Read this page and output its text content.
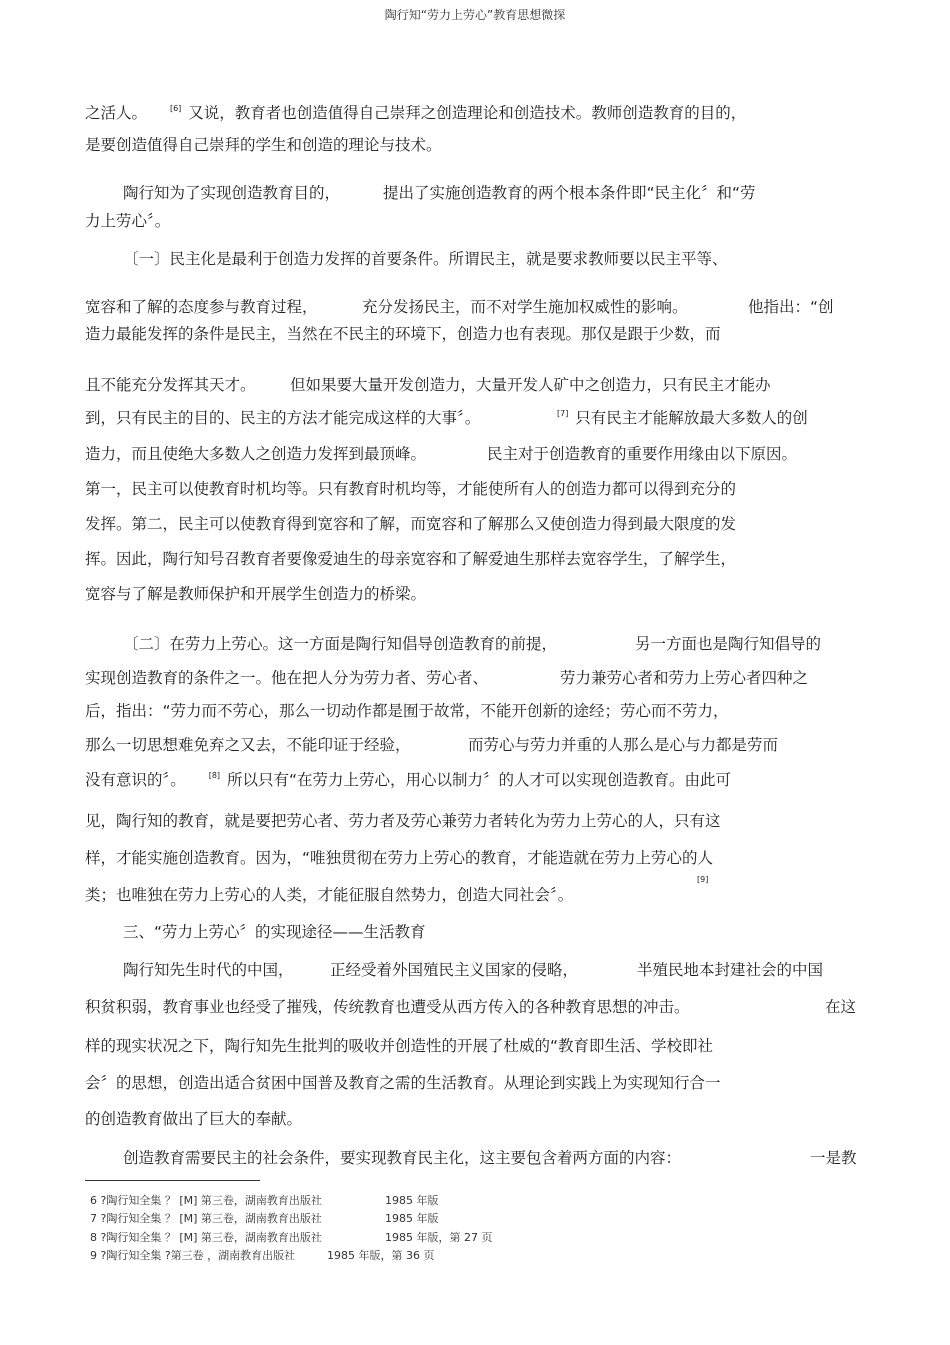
陶行知“劳力上劳心”教育思想微探
之活人。	[6] 又说，教育者也创造值得自己崇拜之创造理论和创造技术。教师创造教育的目的，
是要创造值得自己崇拜的学生和创造的理论与技术。
陶行知为了实现创造教育目的，	提出了实施创造教育的两个根本条件即“民主化〞和“劳
力上劳心〞。
〔一〕民主化是最利于创造力发挥的首要条件。所谓民主，就是要求教师要以民主平等、
宽容和了解的态度参与教育过程，	充分发扬民主，而不对学生施加权威性的影响。	他指出：“创
造力最能发挥的条件是民主，当然在不民主的环境下，创造力也有表现。那仅是跟于少数，而
且不能充分发挥其天才。 但如果要大量开发创造力，大量开发人矿中之创造力，只有民主才能办
到，只有民主的目的、民主的方法才能完成这样的大事〞。	[7] 只有民主才能解放最大多数人的创
造力，而且使绝大多数人之创造力发挥到最顶峰。	民主对于创造教育的重要作用缘由以下原因。
第一，民主可以使教育时机均等。只有教育时机均等，才能使所有人的创造力都可以得到充分的
发挥。第二，民主可以使教育得到宽容和了解，而宽容和了解那么又使创造力得到最大限度的发
挥。因此，陶行知号召教育者要像爱迪生的母亲宽容和了解爱迪生那样去宽容学生，了解学生，
宽容与了解是教师保护和开展学生创造力的桥梁。
〔二〕在劳力上劳心。这一方面是陶行知倡导创造教育的前提，	另一方面也是陶行知倡导的
实现创造教育的条件之一。他在把人分为劳力者、劳心者、	劳力兼劳心者和劳力上劳心者四种之
后，指出：“劳力而不劳心，那么一切动作都是囿于故常，不能开创新的途经；劳心而不劳力，
那么一切思想难免弃之又去，不能印证于经验，	而劳心与劳力并重的人那么是心与力都是劳而
没有意识的〞。	[8] 所以只有“在劳力上劳心，用心以制力〞的人才可以实现创造教育。由此可
见，陶行知的教育，就是要把劳心者、劳力者及劳心兼劳力者转化为劳力上劳心的人，只有这
样，才能实施创造教育。因为，“唯独贯彻在劳力上劳心的教育，才能造就在劳力上劳心的人
类；也唯独在劳力上劳心的人类，才能征服自然势力，创造大同社会〞。
[9]
三、“劳力上劳心〞的实现途径——生活教育
陶行知先生时代的中国， 正经受着外国殖民主义国家的侵略，	半殖民地本封建社会的中国
积贫积弱，教育事业也经受了摧残，传统教育也遭受从西方传入的各种教育思想的冲击。	在这
样的现实状况之下，陶行知先生批判的吸收并创造性的开展了杜威的“教育即生活、学校即社
会〞的思想，创造出适合贫困中国普及教育之需的生活教育。从理论到实践上为实现知行合一
的创造教育做出了巨大的奉献。
创造教育需要民主的社会条件，要实现教育民主化，这主要包含着两方面的内容：	一是教
6 ?陶行知全集 ？ [M] 第三卷，湖南教育出版社	1985 年版
7 ?陶行知全集 ？ [M] 第三卷，湖南教育出版社	1985 年版
8 ?陶行知全集 ？ [M] 第三卷，湖南教育出版社	1985 年版，第 27 页
9 ?陶行知全集 ?第三卷 ，湖南教育出版社	1985 年版，第 36 页
